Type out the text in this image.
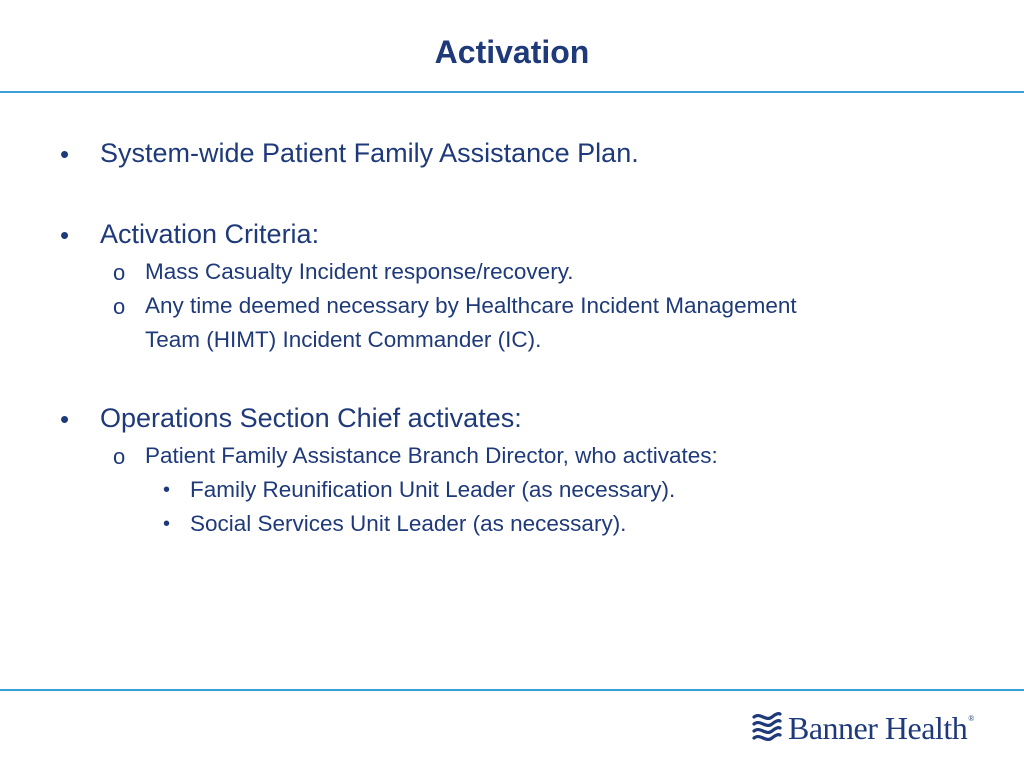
Activation
• System-wide Patient Family Assistance Plan.
• Activation Criteria:
o Mass Casualty Incident response/recovery.
o Any time deemed necessary by Healthcare Incident Management
Team (HIMT) Incident Commander (IC).
• Operations Section Chief activates:
o Patient Family Assistance Branch Director, who activates:
• Family Reunification Unit Leader (as necessary).
• Social Services Unit Leader (as necessary).
Banner Health ®
